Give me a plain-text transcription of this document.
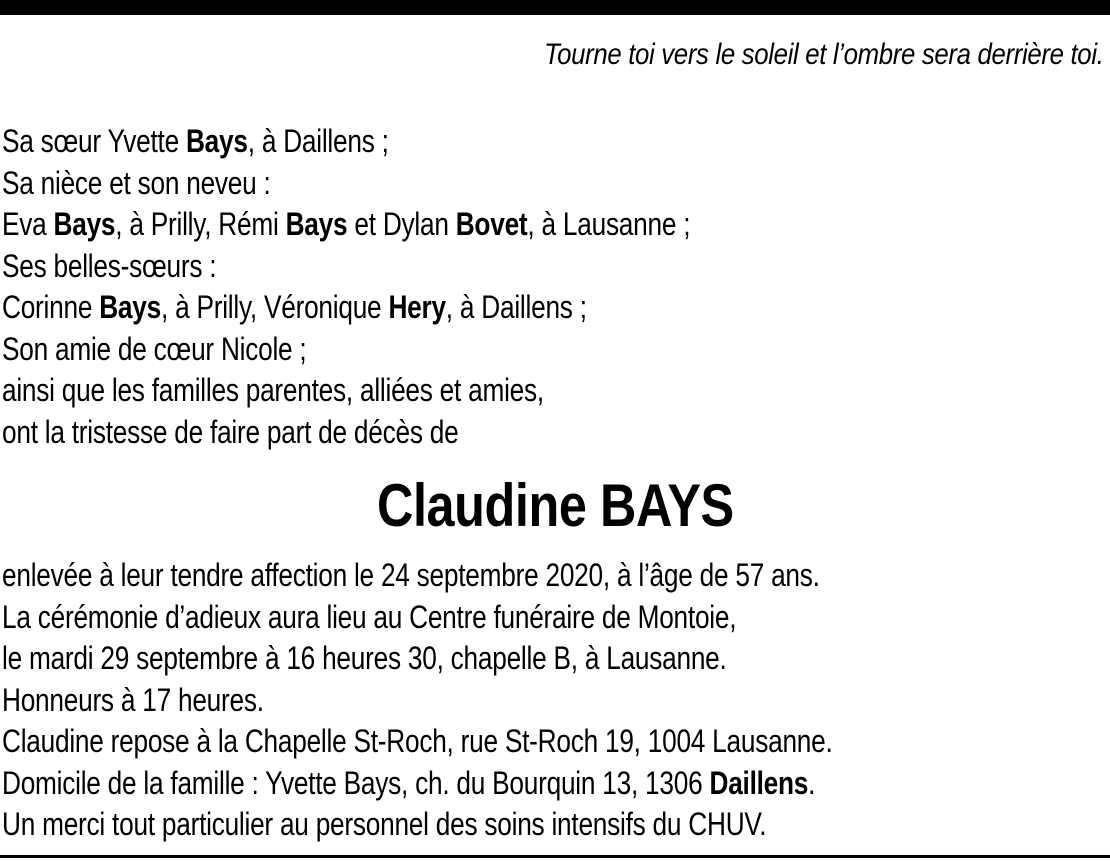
Tourne toi vers le soleil et l’ombre sera derrière toi.
Sa sœur Yvette Bays, à Daillens ;
Sa nièce et son neveu :
Eva Bays, à Prilly, Rémi Bays et Dylan Bovet, à Lausanne ;
Ses belles-sœurs :
Corinne Bays, à Prilly, Véronique Hery, à Daillens ;
Son amie de cœur Nicole ;
ainsi que les familles parentes, alliées et amies,
ont la tristesse de faire part de décès de
Claudine BAYS
enlevée à leur tendre affection le 24 septembre 2020, à l’âge de 57 ans.
La cérémonie d’adieux aura lieu au Centre funéraire de Montoie,
le mardi 29 septembre à 16 heures 30, chapelle B, à Lausanne.
Honneurs à 17 heures.
Claudine repose à la Chapelle St-Roch, rue St-Roch 19, 1004 Lausanne.
Domicile de la famille : Yvette Bays, ch. du Bourquin 13, 1306 Daillens.
Un merci tout particulier au personnel des soins intensifs du CHUV.
